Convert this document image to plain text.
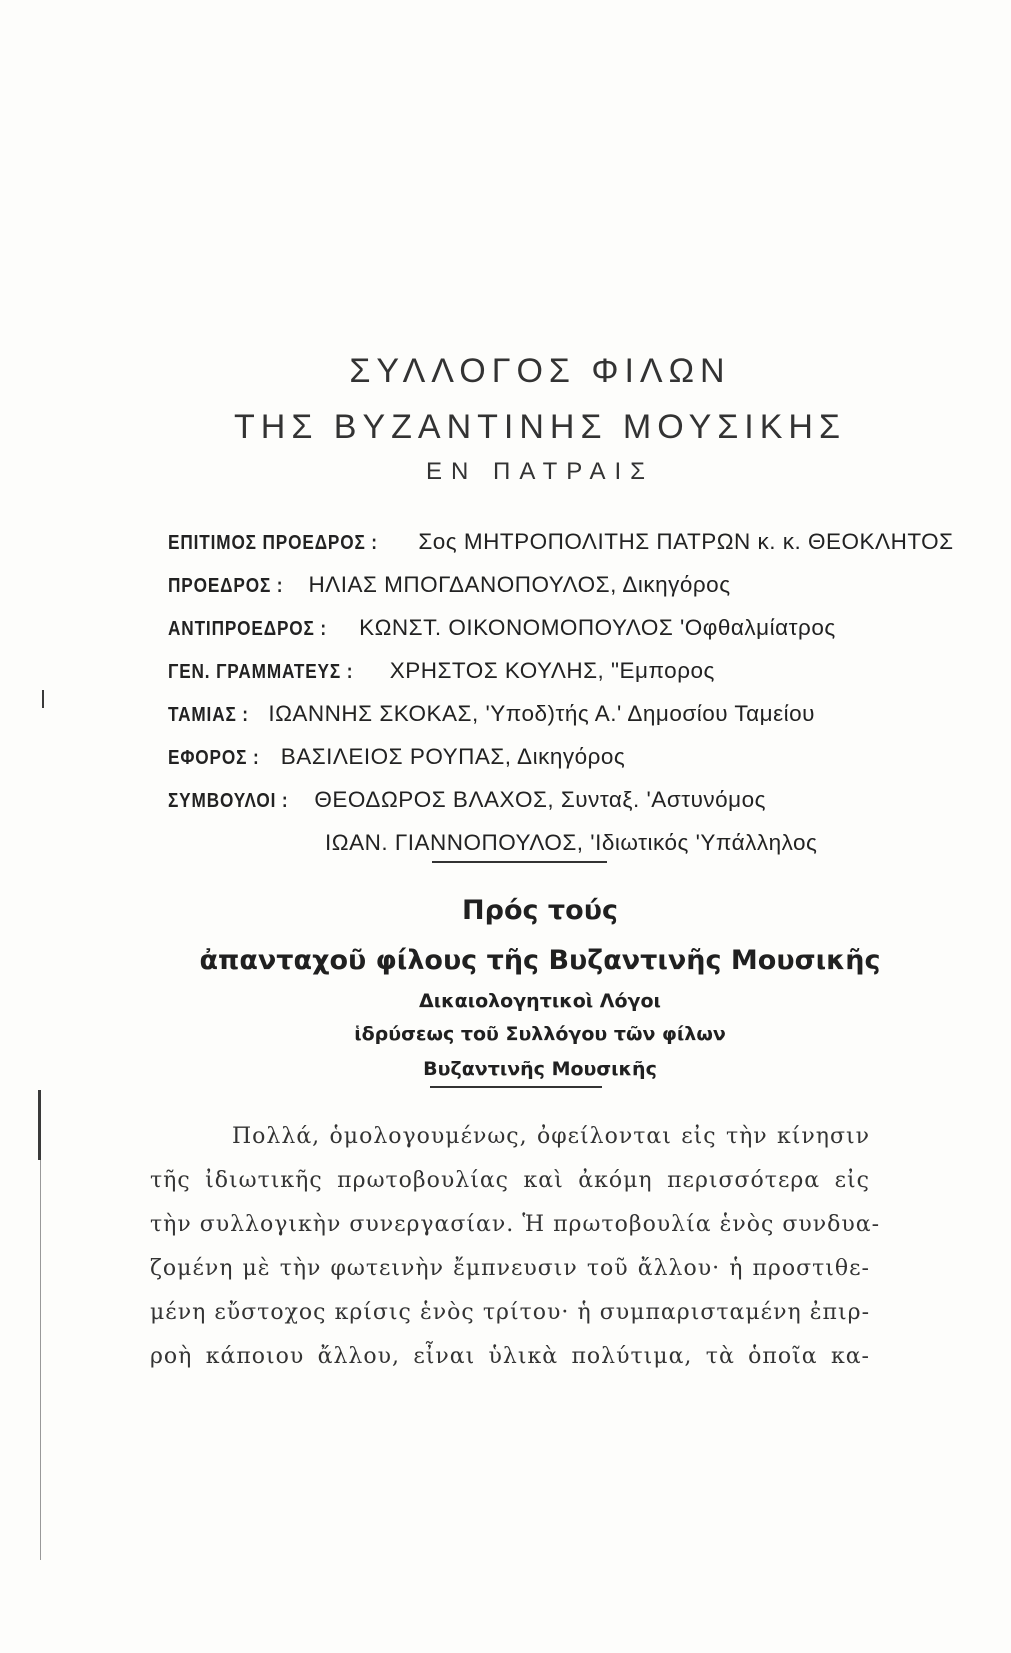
ΣΥΛΛΟΓΟΣ ΦΙΛΩΝ
ΤΗΣ ΒΥΖΑΝΤΙΝΗΣ ΜΟΥΣΙΚΗΣ
ΕΝ ΠΑΤΡΑΙΣ
ΕΠΙΤΙΜΟΣ ΠΡΟΕΔΡΟΣ : Σος ΜΗΤΡΟΠΟΛΙΤΗΣ ΠΑΤΡΩΝ κ. κ. ΘΕΟΚΛΗΤΟΣ
ΠΡΟΕΔΡΟΣ : ΗΛΙΑΣ ΜΠΟΓΔΑΝΟΠΟΥΛΟΣ, Δικηγόρος
ΑΝΤΙΠΡΟΕΔΡΟΣ : ΚΩΝΣΤ. ΟΙΚΟΝΟΜΟΠΟΥΛΟΣ 'Οφθαλμίατρος
ΓΕΝ. ΓΡΑΜΜΑΤΕΥΣ : ΧΡΗΣΤΟΣ ΚΟΥΛΗΣ, "Εμπορος
ΤΑΜΙΑΣ : ΙΩΑΝΝΗΣ ΣΚΟΚΑΣ, 'Υποδ)τής Α.' Δημοσίου Ταμείου
ΕΦΟΡΟΣ : ΒΑΣΙΛΕΙΟΣ ΡΟΥΠΑΣ, Δικηγόρος
ΣΥΜΒΟΥΛΟΙ : ΘΕΟΔΩΡΟΣ ΒΛΑΧΟΣ, Συνταξ. 'Αστυνόμος
ΙΩΑΝ. ΓΙΑΝΝΟΠΟΥΛΟΣ, 'Ιδιωτικός 'Υπάλληλος
Πρός τούς
ἀπανταχοῦ φίλους τῆς Βυζαντινῆς Μουσικῆς
Δικαιολογητικοὶ Λόγοι
ἱδρύσεως τοῦ Συλλόγου τῶν φίλων
Βυζαντινῆς Μουσικῆς
Πολλά, ὁμολογουμένως, ὀφείλονται εἰς τὴν κίνησιν
τῆς ἰδιωτικῆς πρωτοβουλίας καὶ ἀκόμη περισσότερα εἰς
τὴν συλλογικὴν συνεργασίαν. Ἡ πρωτοβουλία ἑνὸς συνδυα-
ζομένη μὲ τὴν φωτεινὴν ἔμπνευσιν τοῦ ἄλλου· ἡ προστιθε-
μένη εὔστοχος κρίσις ἑνὸς τρίτου· ἡ συμπαρισταμένη ἐπιρ-
ροὴ κάποιου ἄλλου, εἶναι ὑλικὰ πολύτιμα, τὰ ὁποῖα κα-
